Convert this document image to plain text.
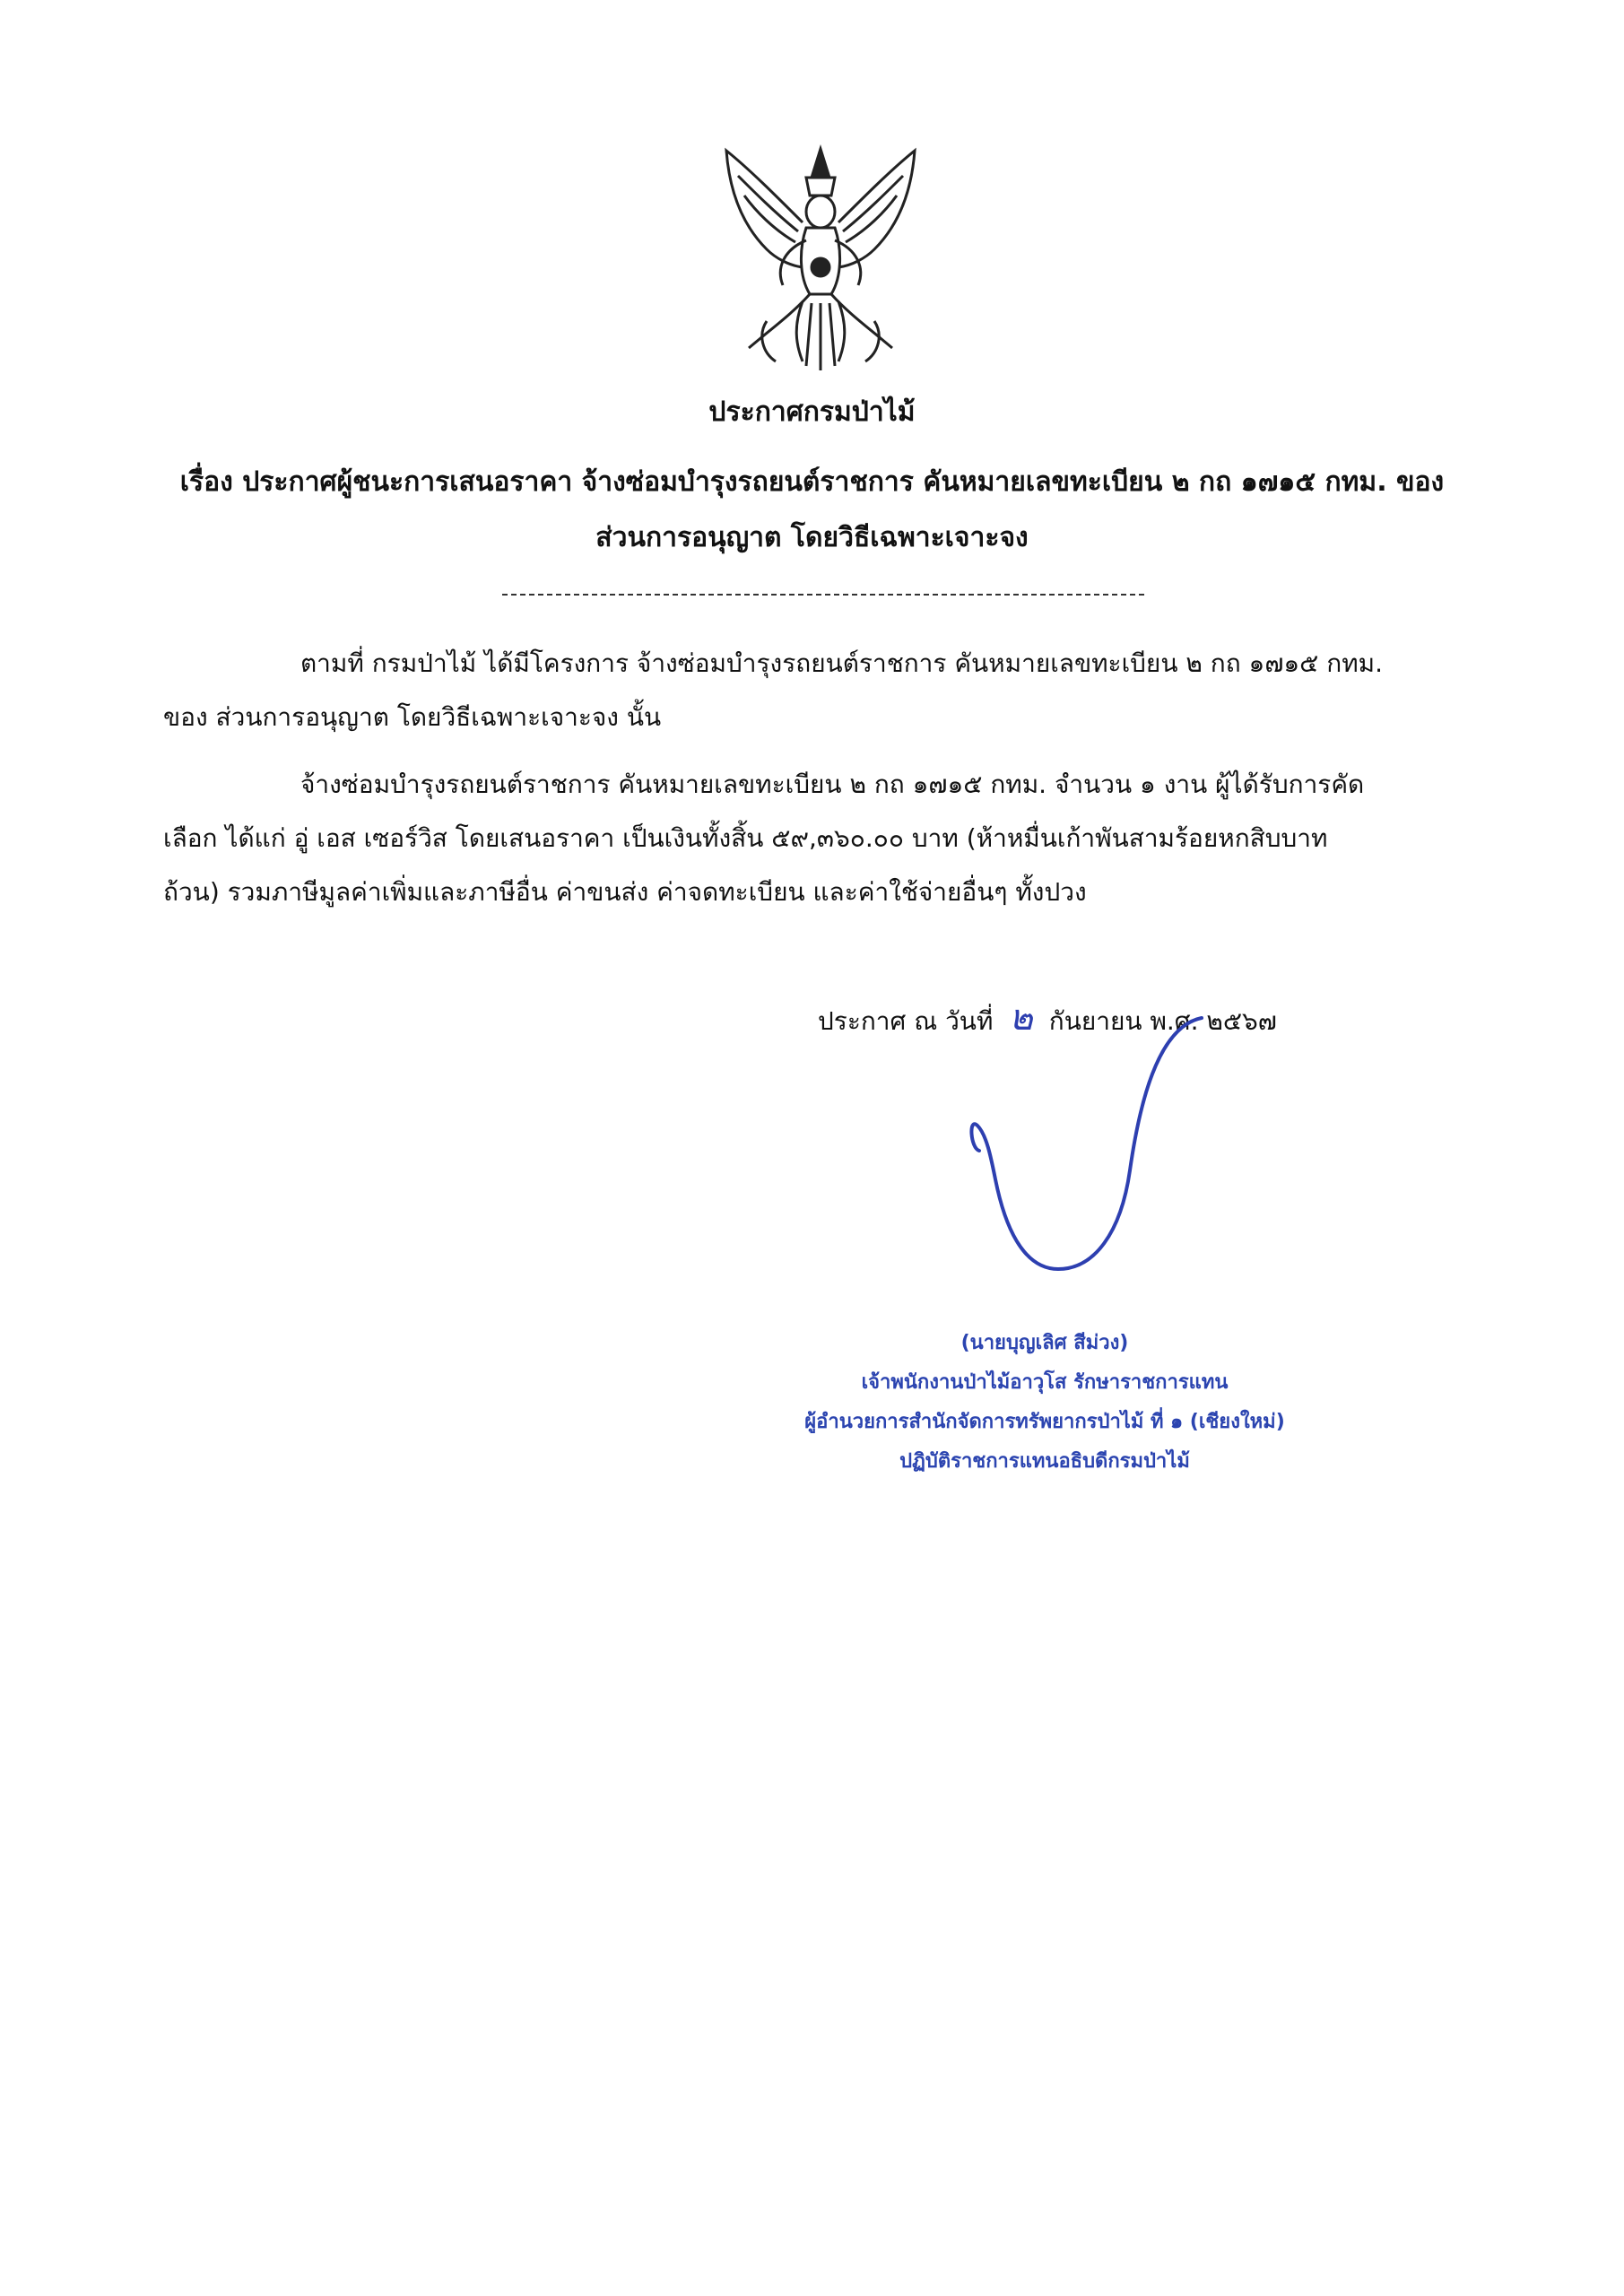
ประกาศกรมป่าไม้
เรื่อง ประกาศผู้ชนะการเสนอราคา จ้างซ่อมบำรุงรถยนต์ราชการ คันหมายเลขทะเบียน ๒ กถ ๑๗๑๕ กทม. ของ
ส่วนการอนุญาต โดยวิธีเฉพาะเจาะจง
ตามที่ กรมป่าไม้ ได้มีโครงการ จ้างซ่อมบำรุงรถยนต์ราชการ คันหมายเลขทะเบียน ๒ กถ ๑๗๑๕ กทม.
ของ ส่วนการอนุญาต โดยวิธีเฉพาะเจาะจง นั้น
จ้างซ่อมบำรุงรถยนต์ราชการ คันหมายเลขทะเบียน ๒ กถ ๑๗๑๕ กทม. จำนวน ๑ งาน ผู้ได้รับการคัด
เลือก ได้แก่ อู่ เอส เซอร์วิส โดยเสนอราคา เป็นเงินทั้งสิ้น ๕๙,๓๖๐.๐๐ บาท (ห้าหมื่นเก้าพันสามร้อยหกสิบบาท
ถ้วน) รวมภาษีมูลค่าเพิ่มและภาษีอื่น ค่าขนส่ง ค่าจดทะเบียน และค่าใช้จ่ายอื่นๆ ทั้งปวง
ประกาศ ณ วันที่ ๒ กันยายน พ.ศ. ๒๕๖๗
(นายบุญเลิศ สีม่วง)
เจ้าพนักงานป่าไม้อาวุโส รักษาราชการแทน
ผู้อำนวยการสำนักจัดการทรัพยากรป่าไม้ ที่ ๑ (เชียงใหม่)
ปฏิบัติราชการแทนอธิบดีกรมป่าไม้
